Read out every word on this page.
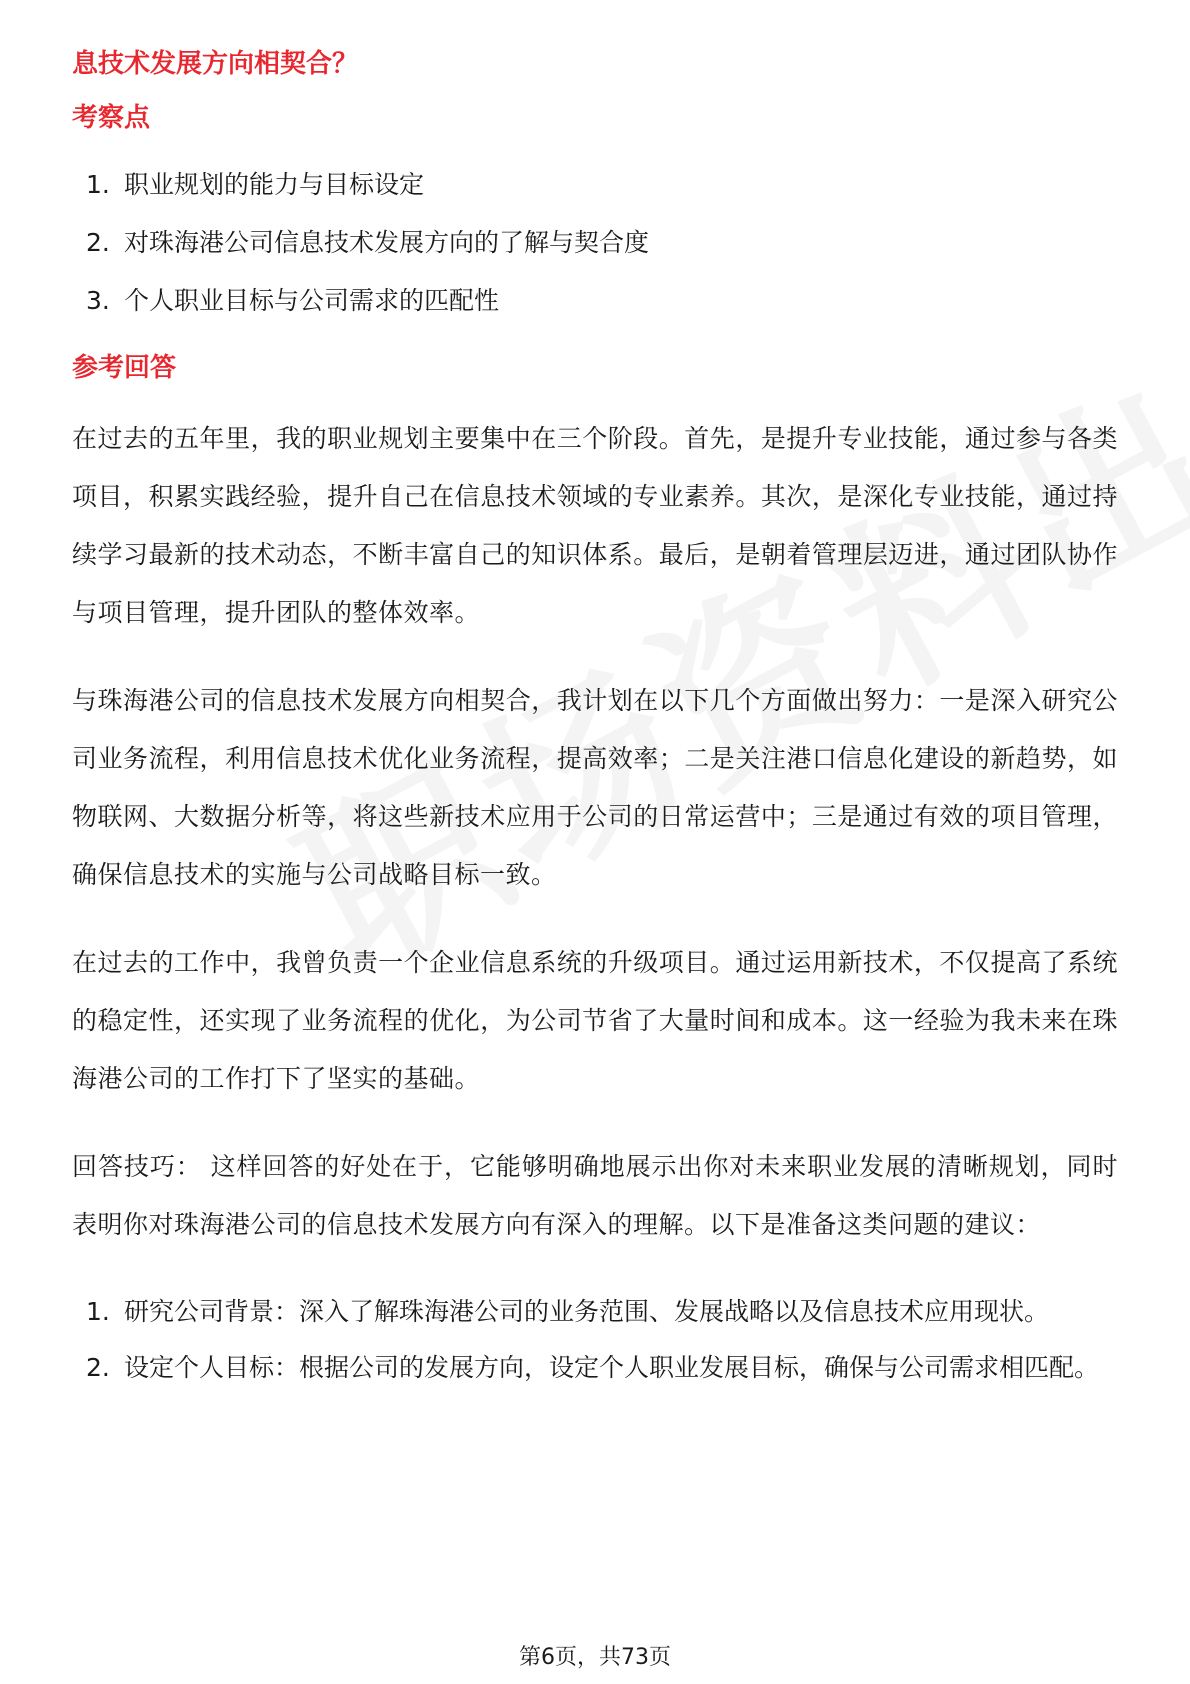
息技术发展方向相契合？
考察点
1. 职业规划的能力与目标设定
2. 对珠海港公司信息技术发展方向的了解与契合度
3. 个人职业目标与公司需求的匹配性
参考回答

在过去的五年里，我的职业规划主要集中在三个阶段。首先，是提升专业技能，通过参与各类项目，积累实践经验，提升自己在信息技术领域的专业素养。其次，是深化专业技能，通过持续学习最新的技术动态，不断丰富自己的知识体系。最后，是朝着管理层迈进，通过团队协作与项目管理，提升团队的整体效率。

与珠海港公司的信息技术发展方向相契合，我计划在以下几个方面做出努力：一是深入研究公司业务流程，利用信息技术优化业务流程，提高效率；二是关注港口信息化建设的新趋势，如物联网、大数据分析等，将这些新技术应用于公司的日常运营中；三是通过有效的项目管理，确保信息技术的实施与公司战略目标一致。

在过去的工作中，我曾负责一个企业信息系统的升级项目。通过运用新技术，不仅提高了系统的稳定性，还实现了业务流程的优化，为公司节省了大量时间和成本。这一经验为我未来在珠海港公司的工作打下了坚实的基础。

回答技巧： 这样回答的好处在于，它能够明确地展示出你对未来职业发展的清晰规划，同时表明你对珠海港公司的信息技术发展方向有深入的理解。以下是准备这类问题的建议：

1. 研究公司背景：深入了解珠海港公司的业务范围、发展战略以及信息技术应用现状。
2. 设定个人目标：根据公司的发展方向，设定个人职业发展目标，确保与公司需求相匹配。
第6页，共73页
